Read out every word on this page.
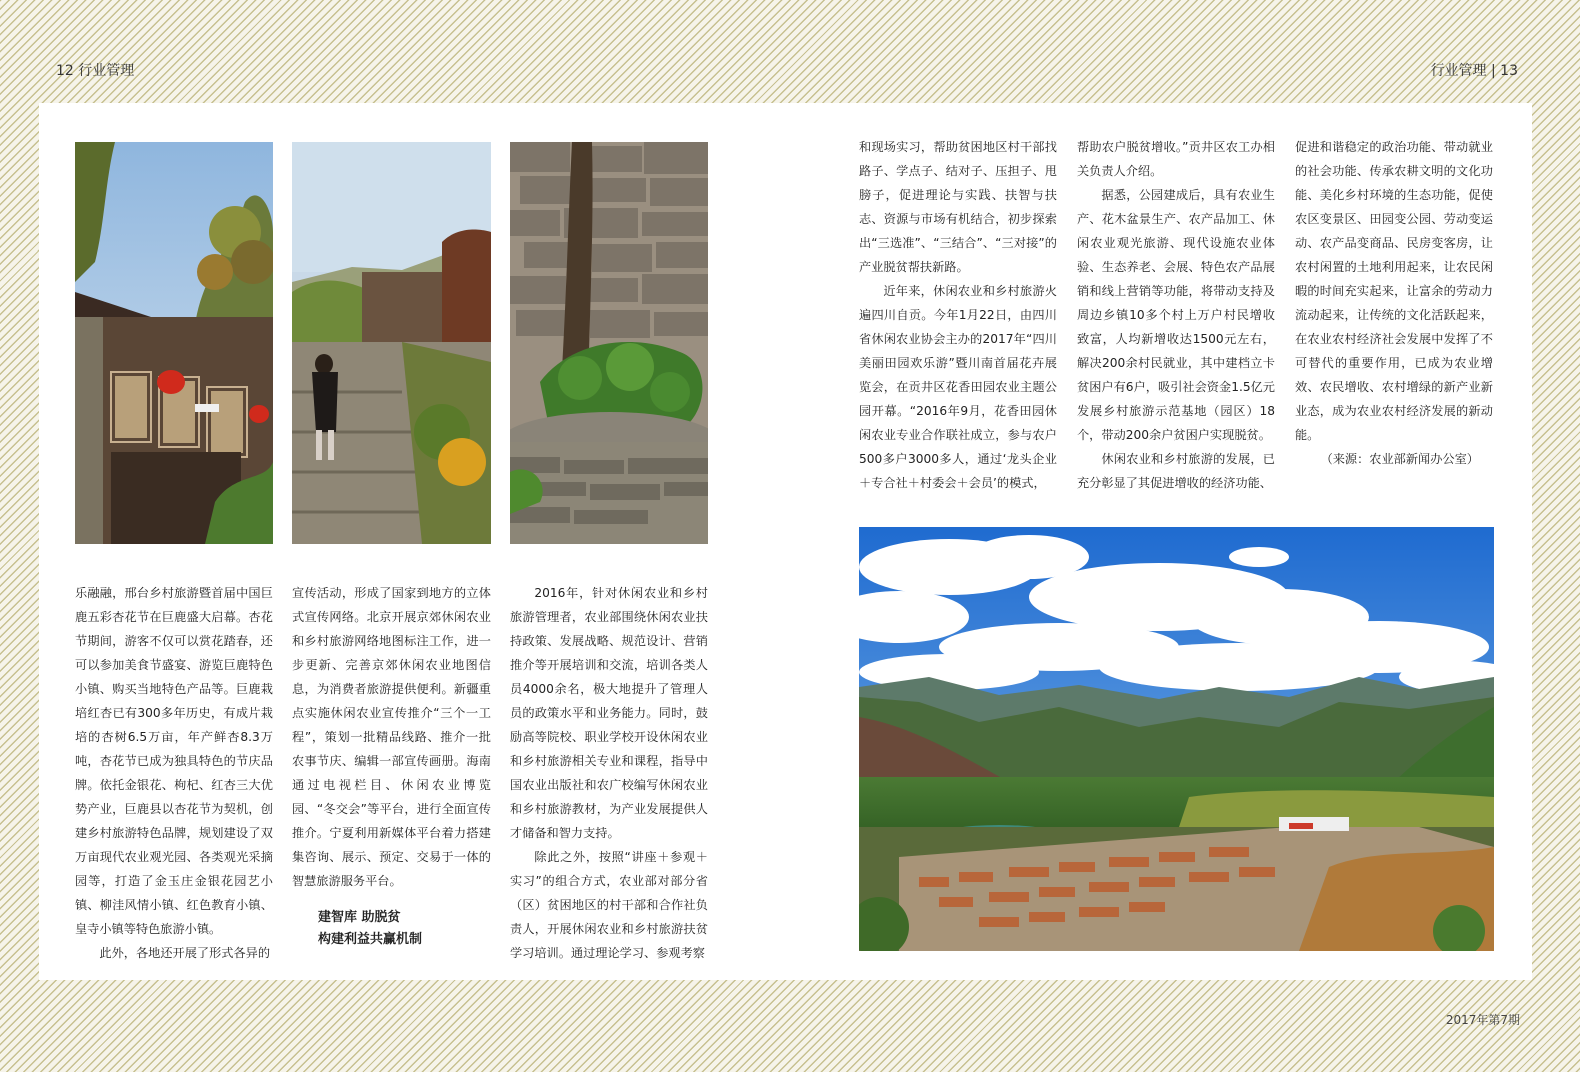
12 行业管理	行业管理 | 13
2017年第7期

乐融融，邢台乡村旅游暨首届中国巨鹿五彩杏花节在巨鹿盛大启幕。杏花节期间，游客不仅可以赏花踏春，还可以参加美食节盛宴、游览巨鹿特色小镇、购买当地特色产品等。巨鹿栽培红杏已有300多年历史，有成片栽培的杏树6.5万亩，年产鲜杏8.3万吨，杏花节已成为独具特色的节庆品牌。依托金银花、枸杞、红杏三大优势产业，巨鹿县以杏花节为契机，创建乡村旅游特色品牌，规划建设了双万亩现代农业观光园、各类观光采摘园等，打造了金玉庄金银花园艺小镇、柳洼风情小镇、红色教育小镇、皇寺小镇等特色旅游小镇。

此外，各地还开展了形式各异的

宣传活动，形成了国家到地方的立体式宣传网络。北京开展京郊休闲农业和乡村旅游网络地图标注工作，进一步更新、完善京郊休闲农业地图信息，为消费者旅游提供便利。新疆重点实施休闲农业宣传推介“三个一工程”，策划一批精品线路、推介一批农事节庆、编辑一部宣传画册。海南通过电视栏目、休闲农业博览园、“冬交会”等平台，进行全面宣传推介。宁夏利用新媒体平台着力搭建集咨询、展示、预定、交易于一体的智慧旅游服务平台。

建智库 助脱贫
构建利益共赢机制

2016年，针对休闲农业和乡村旅游管理者，农业部围绕休闲农业扶持政策、发展战略、规范设计、营销推介等开展培训和交流，培训各类人员4000余名，极大地提升了管理人员的政策水平和业务能力。同时，鼓励高等院校、职业学校开设休闲农业和乡村旅游相关专业和课程，指导中国农业出版社和农广校编写休闲农业和乡村旅游教材，为产业发展提供人才储备和智力支持。

除此之外，按照“讲座＋参观＋实习”的组合方式，农业部对部分省（区）贫困地区的村干部和合作社负责人，开展休闲农业和乡村旅游扶贫学习培训。通过理论学习、参观考察

和现场实习，帮助贫困地区村干部找路子、学点子、结对子、压担子、甩膀子，促进理论与实践、扶智与扶志、资源与市场有机结合，初步探索出“三选准”、“三结合”、“三对接”的产业脱贫帮扶新路。

近年来，休闲农业和乡村旅游火遍四川自贡。今年1月22日，由四川省休闲农业协会主办的2017年“四川美丽田园欢乐游”暨川南首届花卉展览会，在贡井区花香田园农业主题公园开幕。“2016年9月，花香田园休闲农业专业合作联社成立，参与农户500多户3000多人，通过‘龙头企业＋专合社＋村委会＋会员’的模式，

帮助农户脱贫增收。”贡井区农工办相关负责人介绍。

据悉，公园建成后，具有农业生产、花木盆景生产、农产品加工、休闲农业观光旅游、现代设施农业体验、生态养老、会展、特色农产品展销和线上营销等功能，将带动支持及周边乡镇10多个村上万户村民增收致富，人均新增收达1500元左右，解决200余村民就业，其中建档立卡贫困户有6户，吸引社会资金1.5亿元发展乡村旅游示范基地（园区）18个，带动200余户贫困户实现脱贫。

休闲农业和乡村旅游的发展，已充分彰显了其促进增收的经济功能、

促进和谐稳定的政治功能、带动就业的社会功能、传承农耕文明的文化功能、美化乡村环境的生态功能，促使农区变景区、田园变公园、劳动变运动、农产品变商品、民房变客房，让农村闲置的土地利用起来，让农民闲暇的时间充实起来，让富余的劳动力流动起来，让传统的文化活跃起来，在农业农村经济社会发展中发挥了不可替代的重要作用，已成为农业增效、农民增收、农村增绿的新产业新业态，成为农业农村经济发展的新动能。

（来源：农业部新闻办公室）
